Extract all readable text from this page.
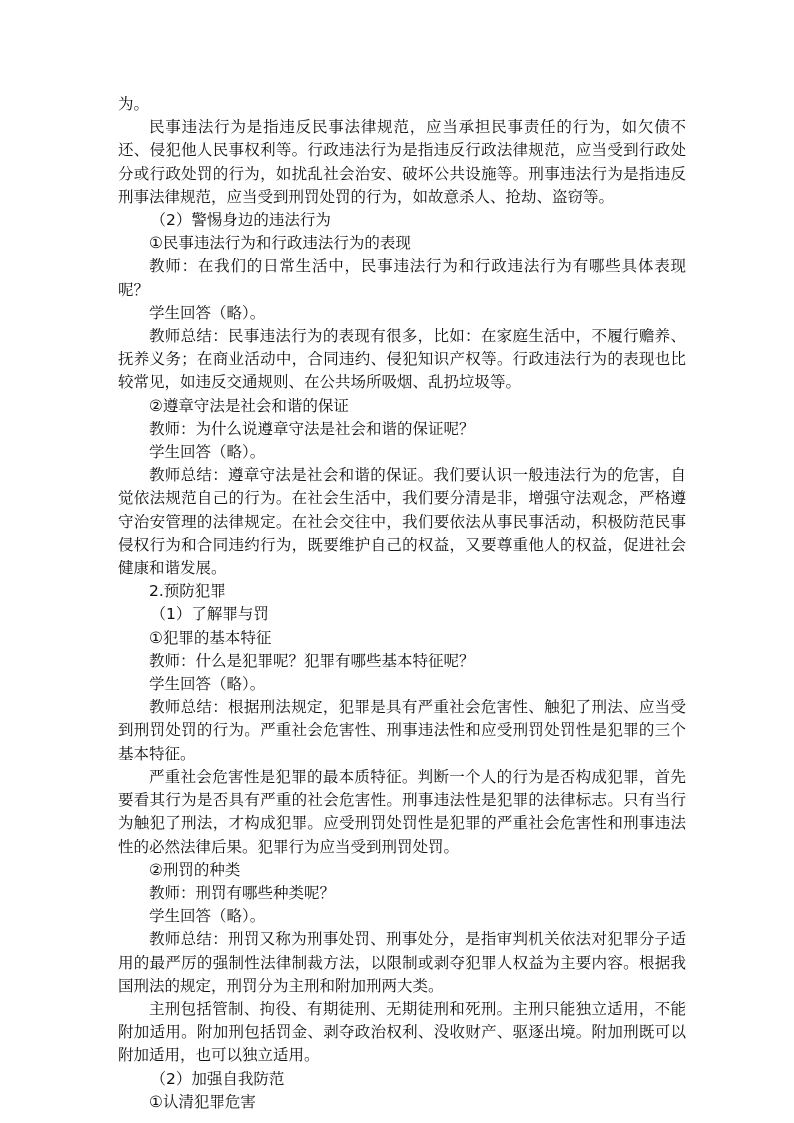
为。

民事违法行为是指违反民事法律规范，应当承担民事责任的行为，如欠债不还、侵犯他人民事权利等。行政违法行为是指违反行政法律规范，应当受到行政处分或行政处罚的行为，如扰乱社会治安、破坏公共设施等。刑事违法行为是指违反刑事法律规范，应当受到刑罚处罚的行为，如故意杀人、抢劫、盗窃等。

（2）警惕身边的违法行为

①民事违法行为和行政违法行为的表现

教师：在我们的日常生活中，民事违法行为和行政违法行为有哪些具体表现呢？

学生回答（略）。

教师总结：民事违法行为的表现有很多，比如：在家庭生活中，不履行赡养、抚养义务；在商业活动中，合同违约、侵犯知识产权等。行政违法行为的表现也比较常见，如违反交通规则、在公共场所吸烟、乱扔垃圾等。

②遵章守法是社会和谐的保证

教师：为什么说遵章守法是社会和谐的保证呢？

学生回答（略）。

教师总结：遵章守法是社会和谐的保证。我们要认识一般违法行为的危害，自觉依法规范自己的行为。在社会生活中，我们要分清是非，增强守法观念，严格遵守治安管理的法律规定。在社会交往中，我们要依法从事民事活动，积极防范民事侵权行为和合同违约行为，既要维护自己的权益，又要尊重他人的权益，促进社会健康和谐发展。

2.预防犯罪

（1）了解罪与罚

①犯罪的基本特征

教师：什么是犯罪呢？犯罪有哪些基本特征呢？

学生回答（略）。

教师总结：根据刑法规定，犯罪是具有严重社会危害性、触犯了刑法、应当受到刑罚处罚的行为。严重社会危害性、刑事违法性和应受刑罚处罚性是犯罪的三个基本特征。

严重社会危害性是犯罪的最本质特征。判断一个人的行为是否构成犯罪，首先要看其行为是否具有严重的社会危害性。刑事违法性是犯罪的法律标志。只有当行为触犯了刑法，才构成犯罪。应受刑罚处罚性是犯罪的严重社会危害性和刑事违法性的必然法律后果。犯罪行为应当受到刑罚处罚。

②刑罚的种类

教师：刑罚有哪些种类呢？

学生回答（略）。

教师总结：刑罚又称为刑事处罚、刑事处分，是指审判机关依法对犯罪分子适用的最严厉的强制性法律制裁方法，以限制或剥夺犯罪人权益为主要内容。根据我国刑法的规定，刑罚分为主刑和附加刑两大类。

主刑包括管制、拘役、有期徒刑、无期徒刑和死刑。主刑只能独立适用，不能附加适用。附加刑包括罚金、剥夺政治权利、没收财产、驱逐出境。附加刑既可以附加适用，也可以独立适用。

（2）加强自我防范

①认清犯罪危害
